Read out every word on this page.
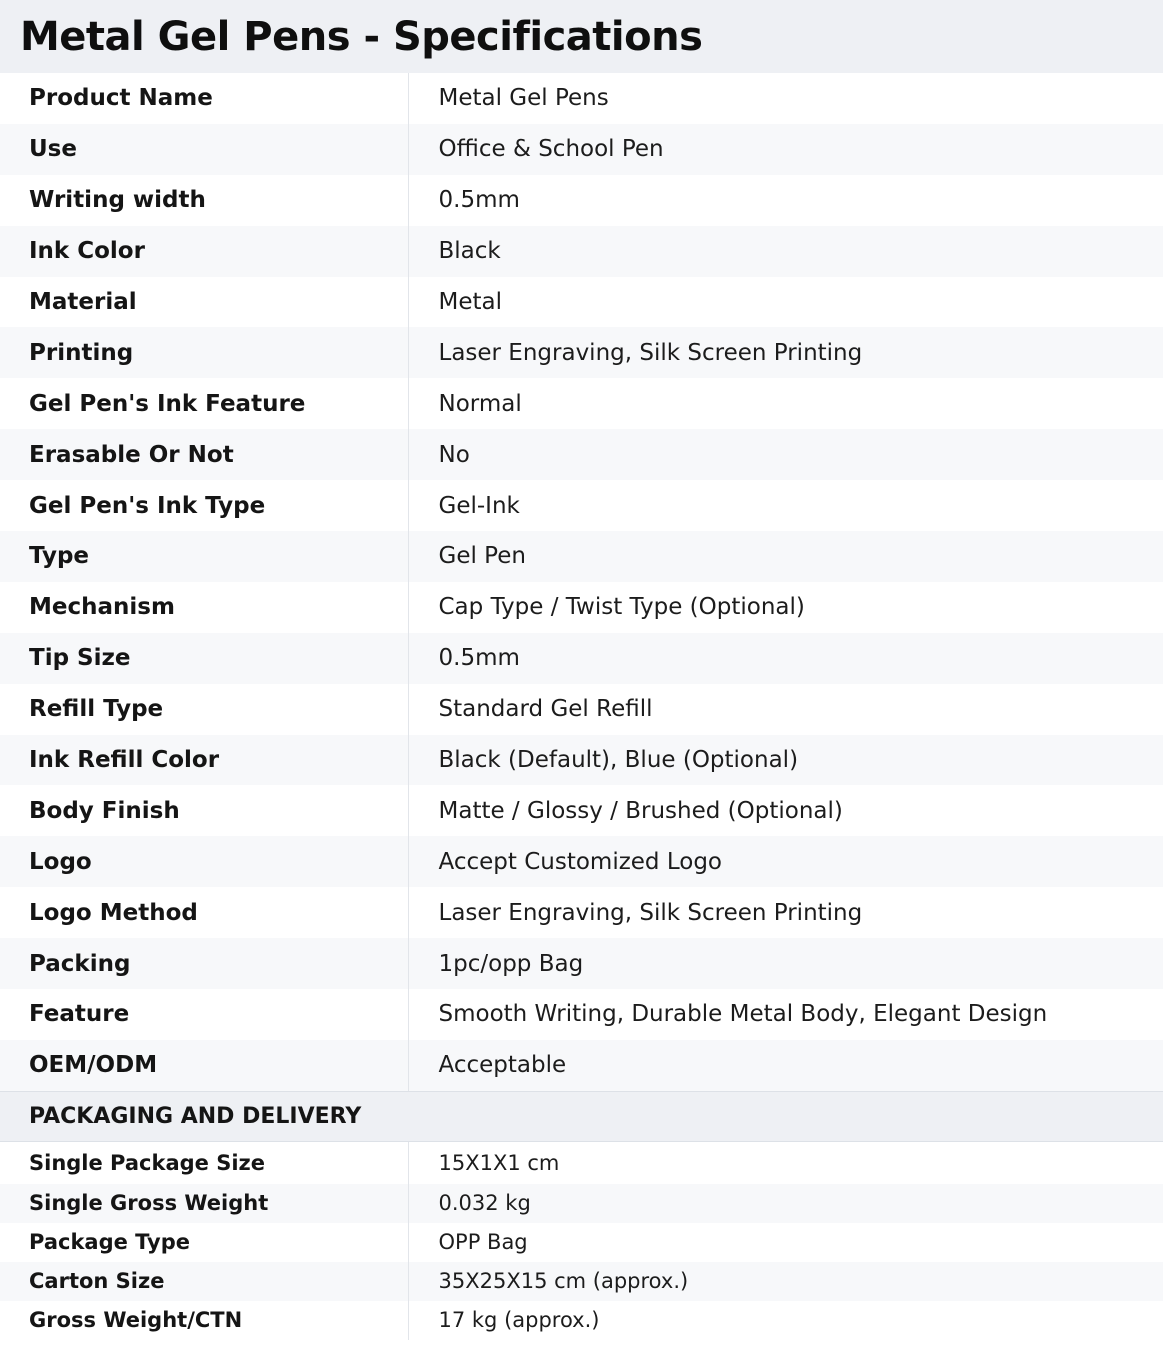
Metal Gel Pens - Specifications
Product Name	Metal Gel Pens
Use	Office & School Pen
Writing width	0.5mm
Ink Color	Black
Material	Metal
Printing	Laser Engraving, Silk Screen Printing
Gel Pen's Ink Feature	Normal
Erasable Or Not	No
Gel Pen's Ink Type	Gel-Ink
Type	Gel Pen
Mechanism	Cap Type / Twist Type (Optional)
Tip Size	0.5mm
Refill Type	Standard Gel Refill
Ink Refill Color	Black (Default), Blue (Optional)
Body Finish	Matte / Glossy / Brushed (Optional)
Logo	Accept Customized Logo
Logo Method	Laser Engraving, Silk Screen Printing
Packing	1pc/opp Bag
Feature	Smooth Writing, Durable Metal Body, Elegant Design
OEM/ODM	Acceptable
PACKAGING AND DELIVERY
Single Package Size	15X1X1 cm
Single Gross Weight	0.032 kg
Package Type	OPP Bag
Carton Size	35X25X15 cm (approx.)
Gross Weight/CTN	17 kg (approx.)
